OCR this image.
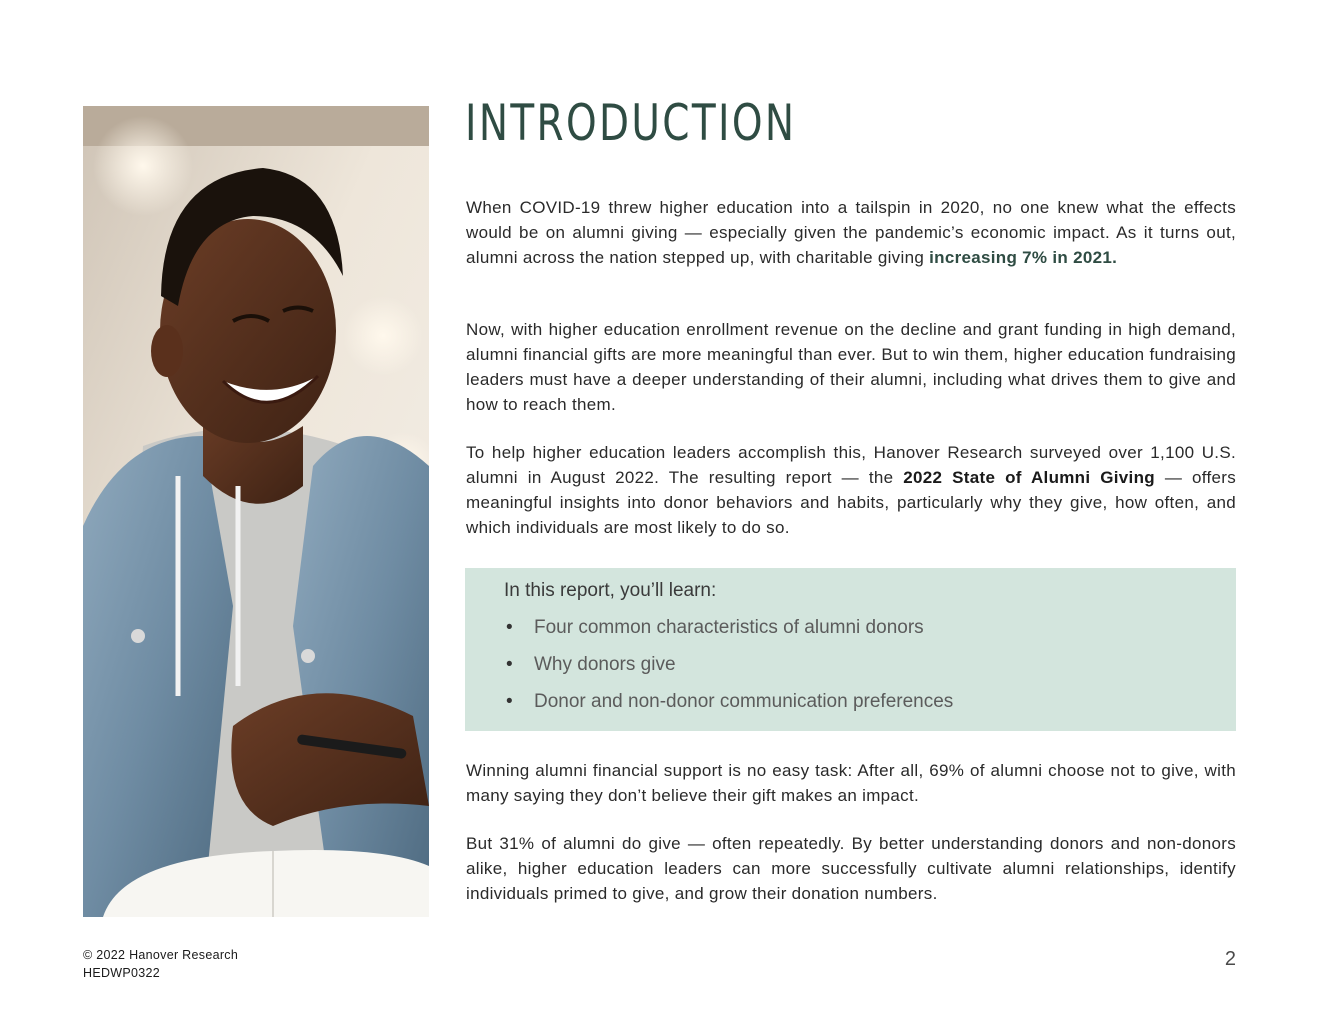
INTRODUCTION

When COVID-19 threw higher education into a tailspin in 2020, no one knew what the effects would be on alumni giving — especially given the pandemic’s economic impact. As it turns out, alumni across the nation stepped up, with charitable giving increasing 7% in 2021.

Now, with higher education enrollment revenue on the decline and grant funding in high demand, alumni financial gifts are more meaningful than ever. But to win them, higher education fundraising leaders must have a deeper understanding of their alumni, including what drives them to give and how to reach them.

To help higher education leaders accomplish this, Hanover Research surveyed over 1,100 U.S. alumni in August 2022. The resulting report — the 2022 State of Alumni Giving — offers meaningful insights into donor behaviors and habits, particularly why they give, how often, and which individuals are most likely to do so.

In this report, you’ll learn:

• Four common characteristics of alumni donors
• Why donors give
• Donor and non-donor communication preferences

Winning alumni financial support is no easy task: After all, 69% of alumni choose not to give, with many saying they don’t believe their gift makes an impact.

But 31% of alumni do give — often repeatedly. By better understanding donors and non-donors alike, higher education leaders can more successfully cultivate alumni relationships, identify individuals primed to give, and grow their donation numbers.

© 2022 Hanover Research
HEDWP0322
2
